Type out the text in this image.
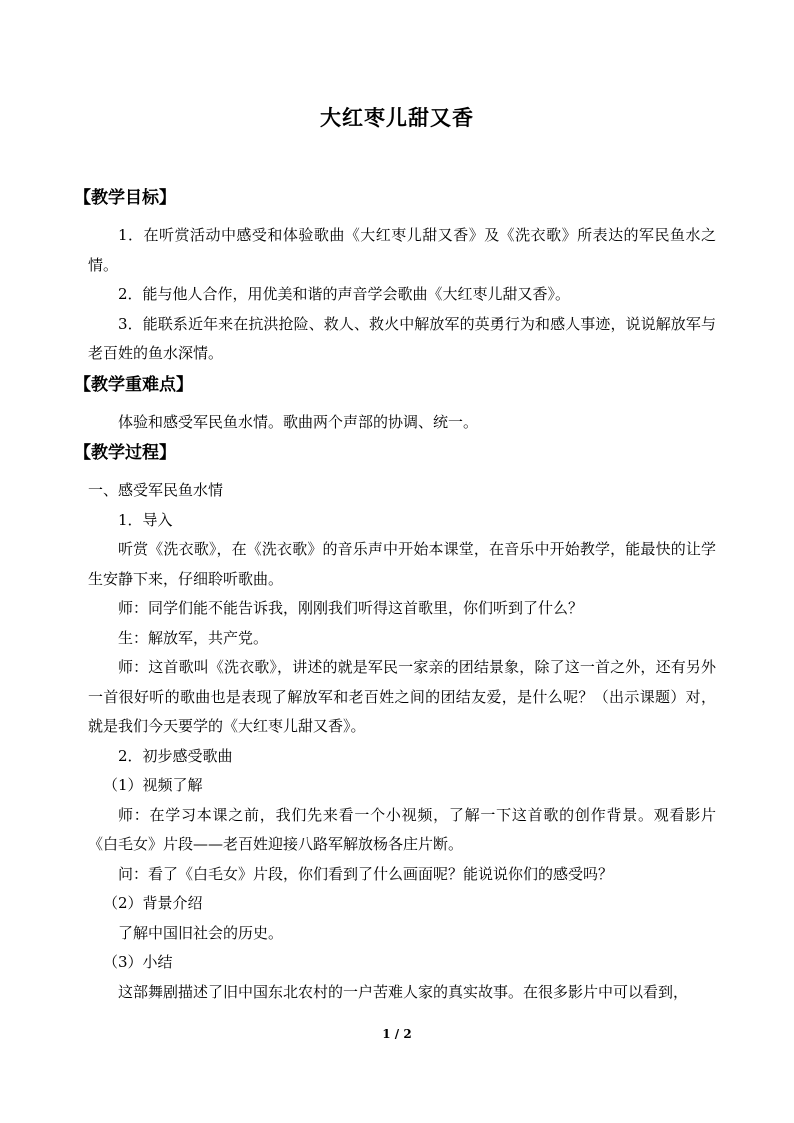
大红枣儿甜又香

【教学目标】

1．在听赏活动中感受和体验歌曲《大红枣儿甜又香》及《洗衣歌》所表达的军民鱼水之情。

2．能与他人合作，用优美和谐的声音学会歌曲《大红枣儿甜又香》。

3．能联系近年来在抗洪抢险、救人、救火中解放军的英勇行为和感人事迹，说说解放军与老百姓的鱼水深情。

【教学重难点】

体验和感受军民鱼水情。歌曲两个声部的协调、统一。

【教学过程】

一、感受军民鱼水情

1．导入

听赏《洗衣歌》，在《洗衣歌》的音乐声中开始本课堂，在音乐中开始教学，能最快的让学生安静下来，仔细聆听歌曲。

师：同学们能不能告诉我，刚刚我们听得这首歌里，你们听到了什么？

生：解放军，共产党。

师：这首歌叫《洗衣歌》，讲述的就是军民一家亲的团结景象，除了这一首之外，还有另外一首很好听的歌曲也是表现了解放军和老百姓之间的团结友爱，是什么呢？（出示课题）对，就是我们今天要学的《大红枣儿甜又香》。

2．初步感受歌曲

（1）视频了解

师：在学习本课之前，我们先来看一个小视频，了解一下这首歌的创作背景。观看影片《白毛女》片段——老百姓迎接八路军解放杨各庄片断。

问：看了《白毛女》片段，你们看到了什么画面呢？能说说你们的感受吗？

（2）背景介绍

了解中国旧社会的历史。

（3）小结

这部舞剧描述了旧中国东北农村的一户苦难人家的真实故事。在很多影片中可以看到，

1 / 2
